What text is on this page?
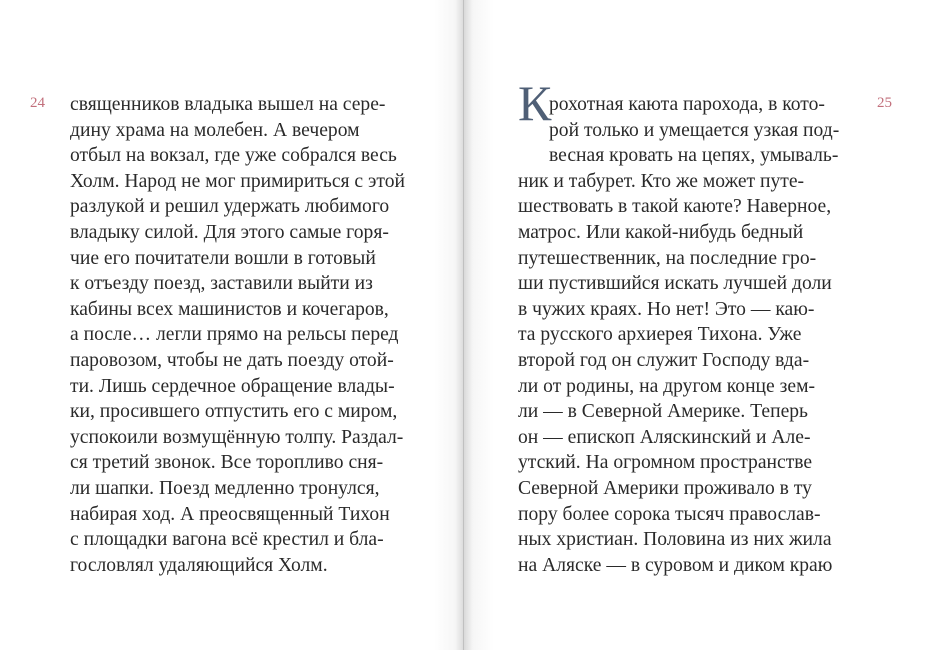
24 священников владыка вышел на сере-
дину храма на молебен. А вечером
отбыл на вокзал, где уже собрался весь
Холм. Народ не мог примириться с этой
разлукой и решил удержать любимого
владыку силой. Для этого самые горя-
чие его почитатели вошли в готовый
к отъезду поезд, заставили выйти из
кабины всех машинистов и кочегаров,
а после… легли прямо на рельсы перед
паровозом, чтобы не дать поезду отой-
ти. Лишь сердечное обращение влады-
ки, просившего отпустить его с миром,
успокоили возмущённую толпу. Раздал-
ся третий звонок. Все торопливо сня-
ли шапки. Поезд медленно тронулся,
набирая ход. А преосвященный Тихон
с площадки вагона всё крестил и бла-
гословлял удаляющийся Холм.
25
К
рохотная каюта парохода, в кото-
рой только и умещается узкая под-
весная кровать на цепях, умываль-
ник и табурет. Кто же может путе-
шествовать в такой каюте? Наверное,
матрос. Или какой-нибудь бедный
путешественник, на последние гро-
ши пустившийся искать лучшей доли
в чужих краях. Но нет! Это — каю-
та русского архиерея Тихона. Уже
второй год он служит Господу вда-
ли от родины, на другом конце зем-
ли — в Северной Америке. Теперь
он — епископ Аляскинский и Але-
утский. На огромном пространстве
Северной Америки проживало в ту
пору более сорока тысяч православ-
ных христиан. Половина из них жила
на Аляске — в суровом и диком краю
